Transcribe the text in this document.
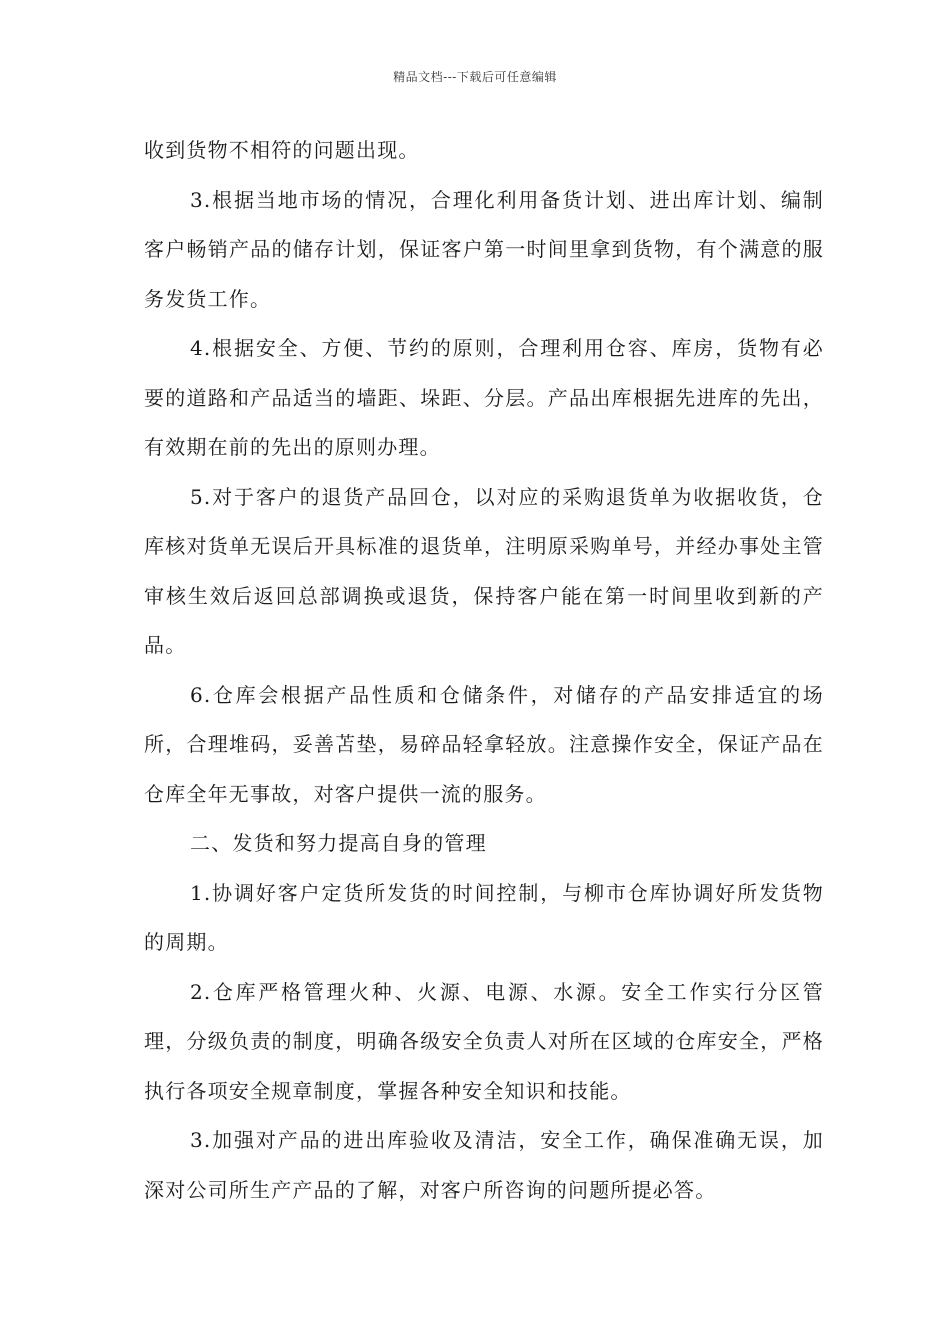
精品文档---下载后可任意编辑

收到货物不相符的问题出现。

3.根据当地市场的情况，合理化利用备货计划、进出库计划、编制客户畅销产品的储存计划，保证客户第一时间里拿到货物，有个满意的服务发货工作。

4.根据安全、方便、节约的原则，合理利用仓容、库房，货物有必要的道路和产品适当的墙距、垛距、分层。产品出库根据先进库的先出，有效期在前的先出的原则办理。

5.对于客户的退货产品回仓，以对应的采购退货单为收据收货，仓库核对货单无误后开具标准的退货单，注明原采购单号，并经办事处主管审核生效后返回总部调换或退货，保持客户能在第一时间里收到新的产品。

6.仓库会根据产品性质和仓储条件，对储存的产品安排适宜的场所，合理堆码，妥善苫垫，易碎品轻拿轻放。注意操作安全，保证产品在仓库全年无事故，对客户提供一流的服务。

二、发货和努力提高自身的管理

1.协调好客户定货所发货的时间控制，与柳市仓库协调好所发货物的周期。

2.仓库严格管理火种、火源、电源、水源。安全工作实行分区管理，分级负责的制度，明确各级安全负责人对所在区域的仓库安全，严格执行各项安全规章制度，掌握各种安全知识和技能。

3.加强对产品的进出库验收及清洁，安全工作，确保准确无误，加深对公司所生产产品的了解，对客户所咨询的问题所提必答。
